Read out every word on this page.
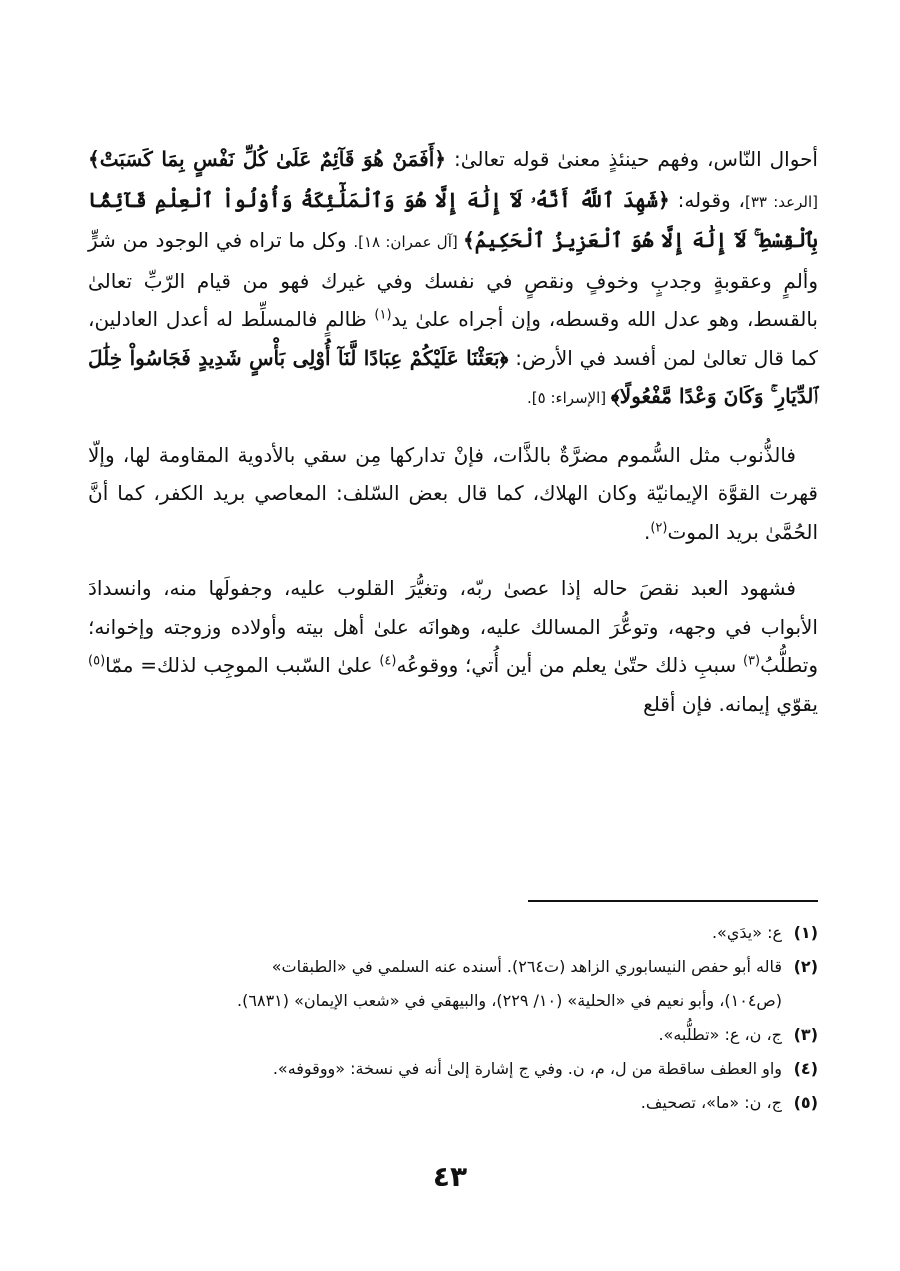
أحوال النّاس، وفهم حينئذٍ معنىٰ قوله تعالىٰ: ﴿أَفَمَنْ هُوَ قَآئِمٌ عَلَىٰ كُلِّ نَفْسٍ بِمَا كَسَبَتْ﴾ [الرعد: ٣٣]، وقوله: ﴿شَهِدَ ٱللَّهُ أَنَّهُۥ لَآ إِلَٰهَ إِلَّا هُوَ وَٱلْمَلَٰٓئِكَةُ وَأُوْلُواْ ٱلْعِلْمِ قَآئِمًۢا بِٱلْقِسْطِ ۚ لَآ إِلَٰهَ إِلَّا هُوَ ٱلْعَزِيزُ ٱلْحَكِيمُ﴾ [آل عمران: ١٨]. وكل ما تراه في الوجود من شرٍّ وألمٍ وعقوبةٍ وجدبٍ وخوفٍ ونقصٍ في نفسك وفي غيرك فهو من قيام الرّبِّ تعالىٰ بالقسط، وهو عدل الله وقسطه، وإن أجراه علىٰ يد$^{(١)}$ ظالمٍ فالمسلِّط له أعدل العادلين، كما قال تعالىٰ لمن أفسد في الأرض: ﴿بَعَثْنَا عَلَيْكُمْ عِبَادًا لَّنَآ أُوْلِى بَأْسٍ شَدِيدٍ فَجَاسُواْ خِلَٰلَ ٱلدِّيَارِ ۚ وَكَانَ وَعْدًا مَّفْعُولًا﴾ [الإسراء: ٥].

فالذُّنوب مثل السُّموم مضرَّةٌ بالذَّات، فإنْ تداركها مِن سقي بالأدوية المقاومة لها، وإلّا قهرت القوَّة الإيمانيّة وكان الهلاك، كما قال بعض السّلف: المعاصي بريد الكفر، كما أنَّ الحُمَّىٰ بريد الموت$^{(٢)}$.

فشهود العبد نقصَ حاله إذا عصىٰ ربّه، وتغيُّرَ القلوب عليه، وجفولَها منه، وانسدادَ الأبواب في وجهه، وتوعُّرَ المسالك عليه، وهوانَه علىٰ أهل بيته وأولاده وزوجته وإخوانه؛ وتطلُّبُ$^{(٣)}$ سببِ ذلك حتّىٰ يعلم من أين أُتي؛ ووقوعُه$^{(٤)}$ علىٰ السّبب الموجِب لذلك= ممّا$^{(٥)}$ يقوّي إيمانه. فإن أقلع

(١)
ع: «يدَي».
(٢)
قاله أبو حفص النيسابوري الزاهد (ت٢٦٤). أسنده عنه السلمي في «الطبقات»
(ص١٠٤)، وأبو نعيم في «الحلية» (١٠/ ٢٢٩)، والبيهقي في «شعب الإيمان» (٦٨٣١).
(٣)
ج، ن، ع: «تطلُّبه».
(٤)
واو العطف ساقطة من ل، م، ن. وفي ج إشارة إلىٰ أنه في نسخة: «ووقوفه».
(٥)
ج، ن: «ما»، تصحيف.
٤٣
